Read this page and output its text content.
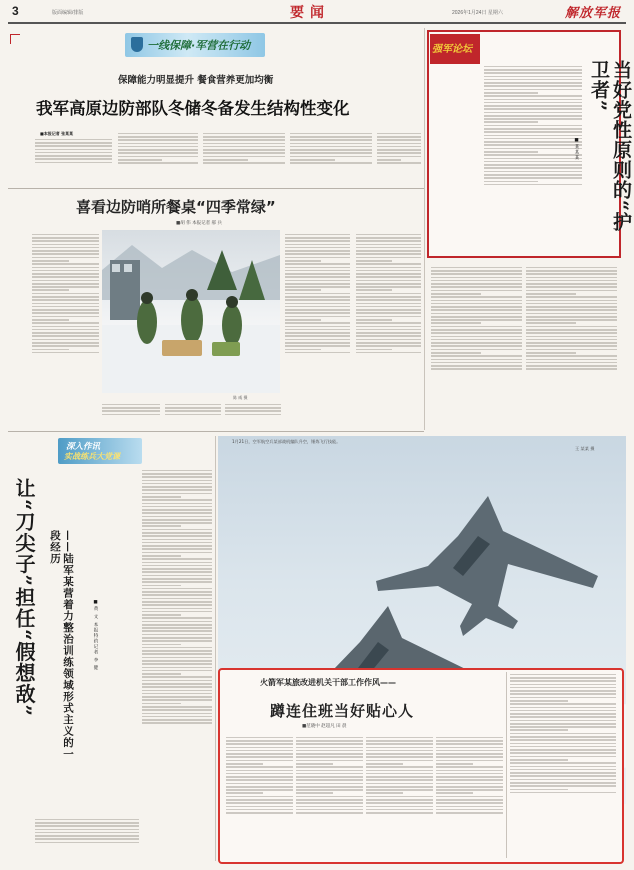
3	版面编辑/排版	要闻	2026年1月24日 星期六	解放军报
一线保障·军营在行动
保障能力明显提升 餐食营养更加均衡
我军高原边防部队冬储冬备发生结构性变化
■本报记者 张某某
喜看边防哨所餐桌“四季常绿”
■胡 伟 本报记者 郝 兵
陈 威 摄
强军论坛
当好党性原则的“护卫者”
■某某某
深入作讯
实战练兵大党课
让“刀尖子”担任“假想敌”	——陆军某营着力整治训练领域形式主义的一段经历
■黄 文 本报特约记者 李 健
1月21日，空军航空兵某部战机编队升空，锤炼飞行技能。
王 某某 摄
火箭军某旅改进机关干部工作作风——
蹲连住班当好贴心人
■范晓中 赵超凡 田 晨
